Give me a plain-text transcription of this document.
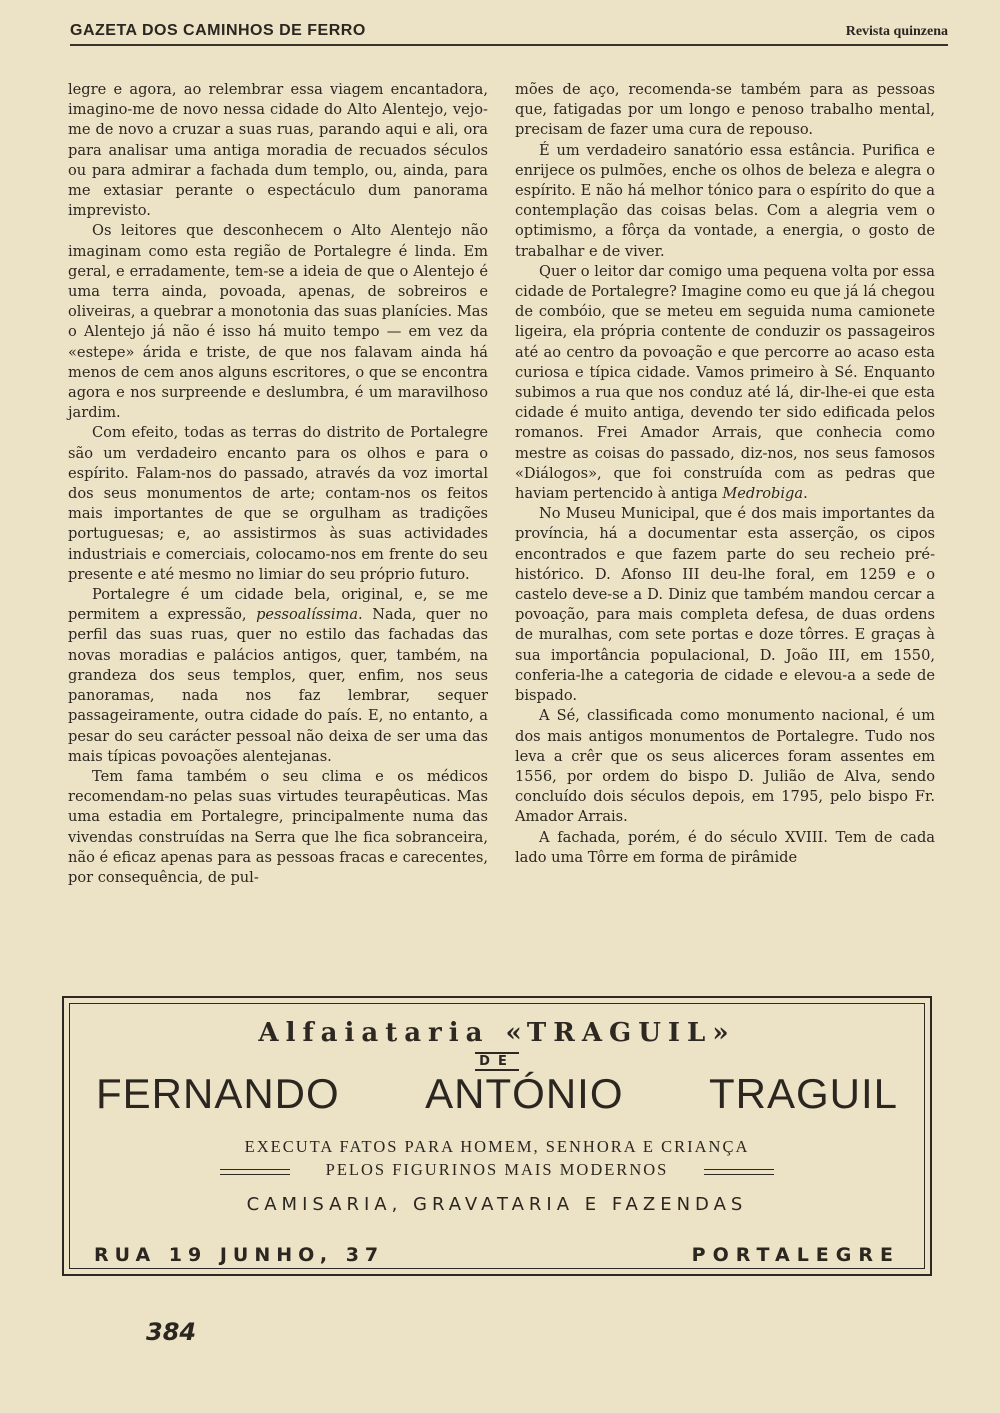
GAZETA DOS CAMINHOS DE FERRO	Revista quinzena

legre e agora, ao relembrar essa viagem encantadora, imagino-me de novo nessa cidade do Alto Alentejo, vejo-me de novo a cruzar a suas ruas, parando aqui e ali, ora para analisar uma antiga moradia de recuados séculos ou para admirar a fachada dum templo, ou, ainda, para me extasiar perante o espectáculo dum panorama imprevisto.

Os leitores que desconhecem o Alto Alentejo não imaginam como esta região de Portalegre é linda. Em geral, e erradamente, tem-se a ideia de que o Alentejo é uma terra ainda, povoada, apenas, de sobreiros e oliveiras, a quebrar a monotonia das suas planícies. Mas o Alentejo já não é isso há muito tempo — em vez da «estepe» árida e triste, de que nos falavam ainda há menos de cem anos alguns escritores, o que se encontra agora e nos surpreende e deslumbra, é um maravilhoso jardim.

Com efeito, todas as terras do distrito de Portalegre são um verdadeiro encanto para os olhos e para o espírito. Falam-nos do passado, através da voz imortal dos seus monumentos de arte; contam-nos os feitos mais importantes de que se orgulham as tradições portuguesas; e, ao assistirmos às suas actividades industriais e comerciais, colocamo-nos em frente do seu presente e até mesmo no limiar do seu próprio futuro.

Portalegre é um cidade bela, original, e, se me permitem a expressão, pessoalíssima. Nada, quer no perfil das suas ruas, quer no estilo das fachadas das novas moradias e palácios antigos, quer, também, na grandeza dos seus templos, quer, enfim, nos seus panoramas, nada nos faz lembrar, sequer passageiramente, outra cidade do país. E, no entanto, a pesar do seu carácter pessoal não deixa de ser uma das mais típicas povoações alentejanas.

Tem fama também o seu clima e os médicos recomendam-no pelas suas virtudes teurapêuticas. Mas uma estadia em Portalegre, principalmente numa das vivendas construídas na Serra que lhe fica sobranceira, não é eficaz apenas para as pessoas fracas e carecentes, por consequência, de pul-

mões de aço, recomenda-se também para as pessoas que, fatigadas por um longo e penoso trabalho mental, precisam de fazer uma cura de repouso.

É um verdadeiro sanatório essa estância. Purifica e enrijece os pulmões, enche os olhos de beleza e alegra o espírito. E não há melhor tónico para o espírito do que a contemplação das coisas belas. Com a alegria vem o optimismo, a fôrça da vontade, a energia, o gosto de trabalhar e de viver.

Quer o leitor dar comigo uma pequena volta por essa cidade de Portalegre? Imagine como eu que já lá chegou de combóio, que se meteu em seguida numa camionete ligeira, ela própria contente de conduzir os passageiros até ao centro da povoação e que percorre ao acaso esta curiosa e típica cidade. Vamos primeiro à Sé. Enquanto subimos a rua que nos conduz até lá, dir-lhe-ei que esta cidade é muito antiga, devendo ter sido edificada pelos romanos. Frei Amador Arrais, que conhecia como mestre as coisas do passado, diz-nos, nos seus famosos «Diálogos», que foi construída com as pedras que haviam pertencido à antiga Medrobiga.

No Museu Municipal, que é dos mais importantes da província, há a documentar esta asserção, os cipos encontrados e que fazem parte do seu recheio pré-histórico. D. Afonso III deu-lhe foral, em 1259 e o castelo deve-se a D. Diniz que também mandou cercar a povoação, para mais completa defesa, de duas ordens de muralhas, com sete portas e doze tôrres. E graças à sua importância populacional, D. João III, em 1550, conferia-lhe a categoria de cidade e elevou-a a sede de bispado.

A Sé, classificada como monumento nacional, é um dos mais antigos monumentos de Portalegre. Tudo nos leva a crêr que os seus alicerces foram assentes em 1556, por ordem do bispo D. Julião de Alva, sendo concluído dois séculos depois, em 1795, pelo bispo Fr. Amador Arrais.

A fachada, porém, é do século XVIII. Tem de cada lado uma Tôrre em forma de pirâmide

Alfaiataria «TRAGUIL»
DE
FERNANDO ANTÓNIO TRAGUIL
EXECUTA FATOS PARA HOMEM, SENHORA E CRIANÇA
PELOS FIGURINOS MAIS MODERNOS
CAMISARIA, GRAVATARIA E FAZENDAS
RUA 19 JUNHO, 37	PORTALEGRE
384
